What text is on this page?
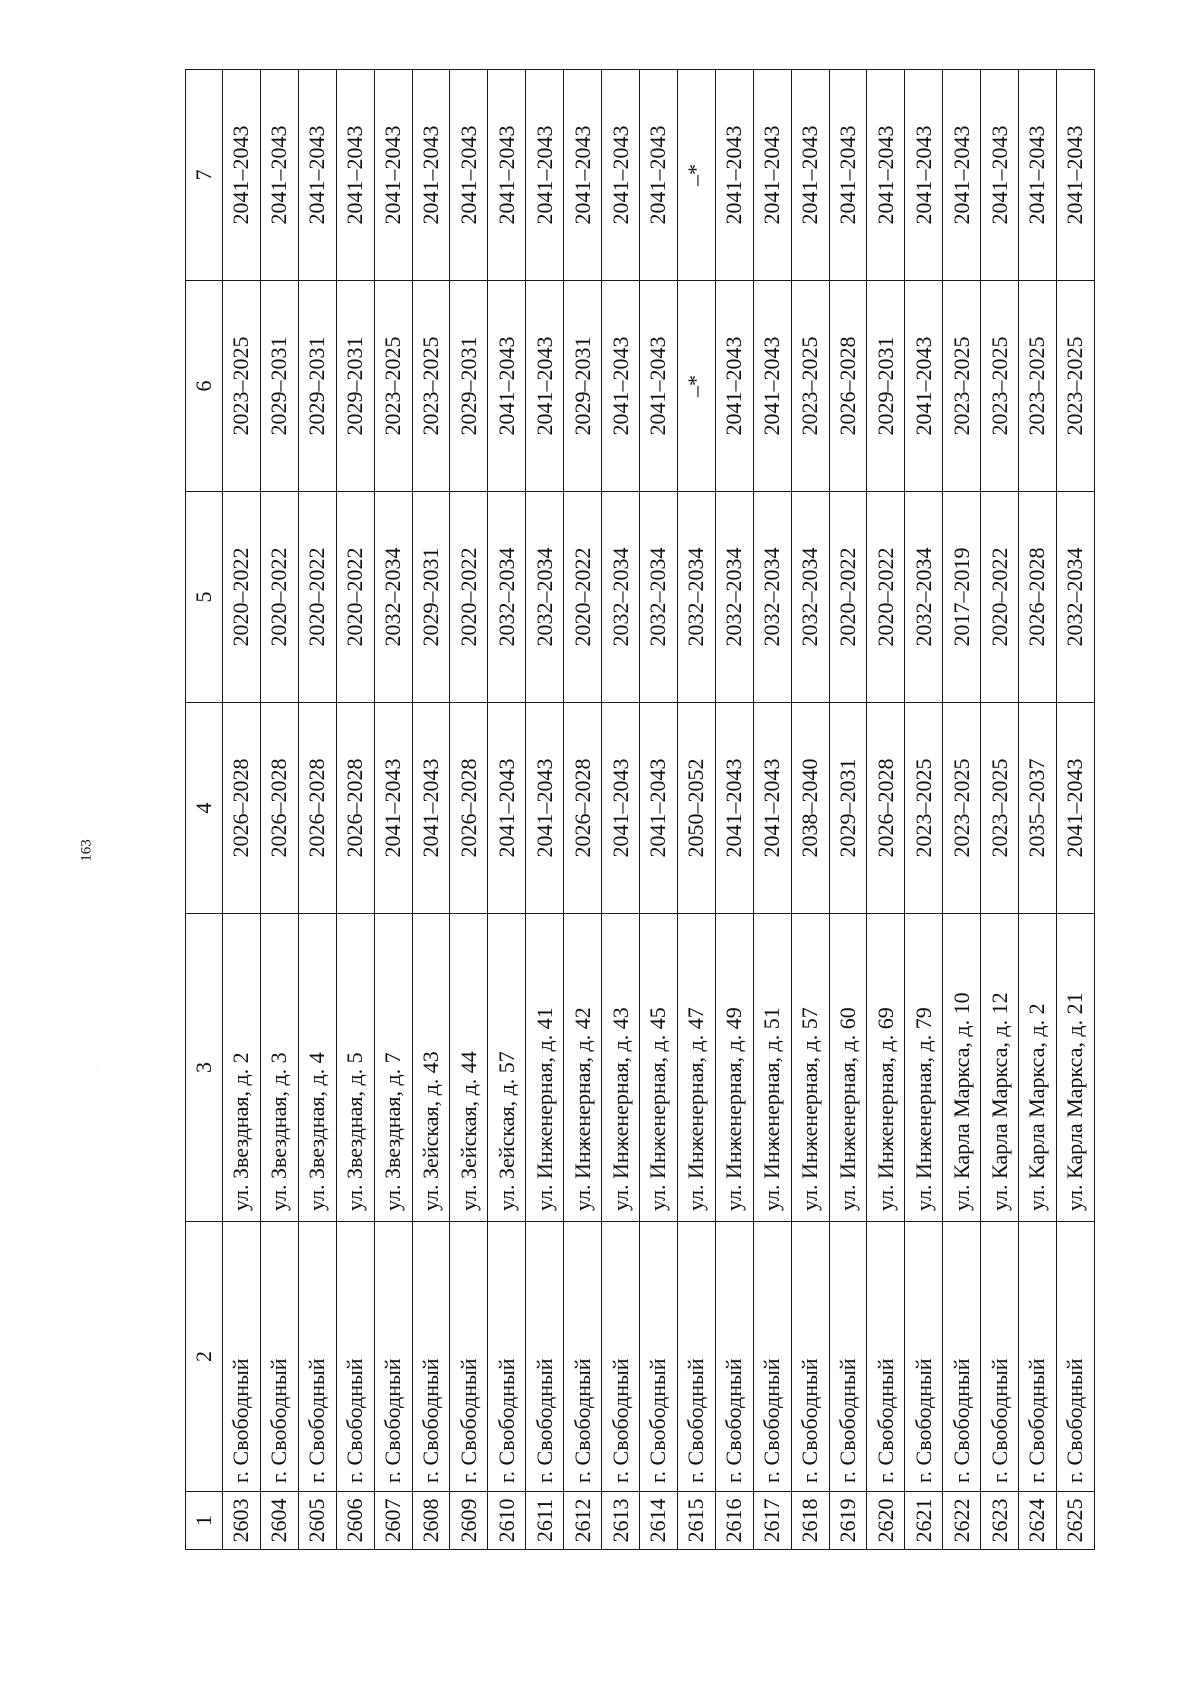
163
·
1	2	3	4	5	6	7
2603	г. Свободный	ул. Звездная, д. 2	2026–2028	2020–2022	2023–2025	2041–2043
2604	г. Свободный	ул. Звездная, д. 3	2026–2028	2020–2022	2029–2031	2041–2043
2605	г. Свободный	ул. Звездная, д. 4	2026–2028	2020–2022	2029–2031	2041–2043
2606	г. Свободный	ул. Звездная, д. 5	2026–2028	2020–2022	2029–2031	2041–2043
2607	г. Свободный	ул. Звездная, д. 7	2041–2043	2032–2034	2023–2025	2041–2043
2608	г. Свободный	ул. Зейская, д. 43	2041–2043	2029–2031	2023–2025	2041–2043
2609	г. Свободный	ул. Зейская, д. 44	2026–2028	2020–2022	2029–2031	2041–2043
2610	г. Свободный	ул. Зейская, д. 57	2041–2043	2032–2034	2041–2043	2041–2043
2611	г. Свободный	ул. Инженерная, д. 41	2041–2043	2032–2034	2041–2043	2041–2043
2612	г. Свободный	ул. Инженерная, д. 42	2026–2028	2020–2022	2029–2031	2041–2043
2613	г. Свободный	ул. Инженерная, д. 43	2041–2043	2032–2034	2041–2043	2041–2043
2614	г. Свободный	ул. Инженерная, д. 45	2041–2043	2032–2034	2041–2043	2041–2043
2615	г. Свободный	ул. Инженерная, д. 47	2050–2052	2032–2034	–*	–*
2616	г. Свободный	ул. Инженерная, д. 49	2041–2043	2032–2034	2041–2043	2041–2043
2617	г. Свободный	ул. Инженерная, д. 51	2041–2043	2032–2034	2041–2043	2041–2043
2618	г. Свободный	ул. Инженерная, д. 57	2038–2040	2032–2034	2023–2025	2041–2043
2619	г. Свободный	ул. Инженерная, д. 60	2029–2031	2020–2022	2026–2028	2041–2043
2620	г. Свободный	ул. Инженерная, д. 69	2026–2028	2020–2022	2029–2031	2041–2043
2621	г. Свободный	ул. Инженерная, д. 79	2023–2025	2032–2034	2041–2043	2041–2043
2622	г. Свободный	ул. Карла Маркса, д. 10	2023–2025	2017–2019	2023–2025	2041–2043
2623	г. Свободный	ул. Карла Маркса, д. 12	2023–2025	2020–2022	2023–2025	2041–2043
2624	г. Свободный	ул. Карла Маркса, д. 2	2035–2037	2026–2028	2023–2025	2041–2043
2625	г. Свободный	ул. Карла Маркса, д. 21	2041–2043	2032–2034	2023–2025	2041–2043
